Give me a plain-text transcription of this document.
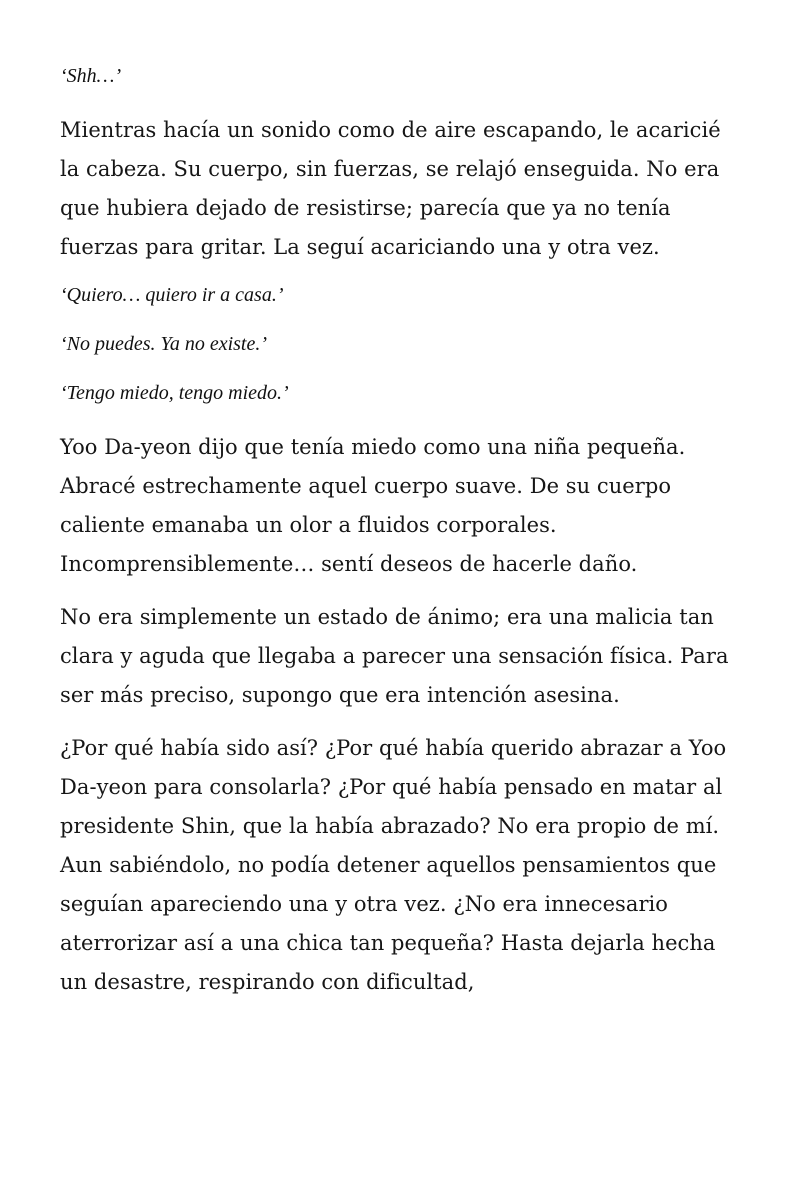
‘Shh…’

Mientras hacía un sonido como de aire escapando, le acaricié la cabeza. Su cuerpo, sin fuerzas, se relajó enseguida. No era que hubiera dejado de resistirse; parecía que ya no tenía fuerzas para gritar. La seguí acariciando una y otra vez.

‘Quiero… quiero ir a casa.’

‘No puedes. Ya no existe.’

‘Tengo miedo, tengo miedo.’

Yoo Da-yeon dijo que tenía miedo como una niña pequeña. Abracé estrechamente aquel cuerpo suave. De su cuerpo caliente emanaba un olor a fluidos corporales. Incomprensiblemente… sentí deseos de hacerle daño.

No era simplemente un estado de ánimo; era una malicia tan clara y aguda que llegaba a parecer una sensación física. Para ser más preciso, supongo que era intención asesina.

¿Por qué había sido así? ¿Por qué había querido abrazar a Yoo Da-yeon para consolarla? ¿Por qué había pensado en matar al presidente Shin, que la había abrazado? No era propio de mí. Aun sabiéndolo, no podía detener aquellos pensamientos que seguían apareciendo una y otra vez. ¿No era innecesario aterrorizar así a una chica tan pequeña? Hasta dejarla hecha un desastre, respirando con dificultad,
